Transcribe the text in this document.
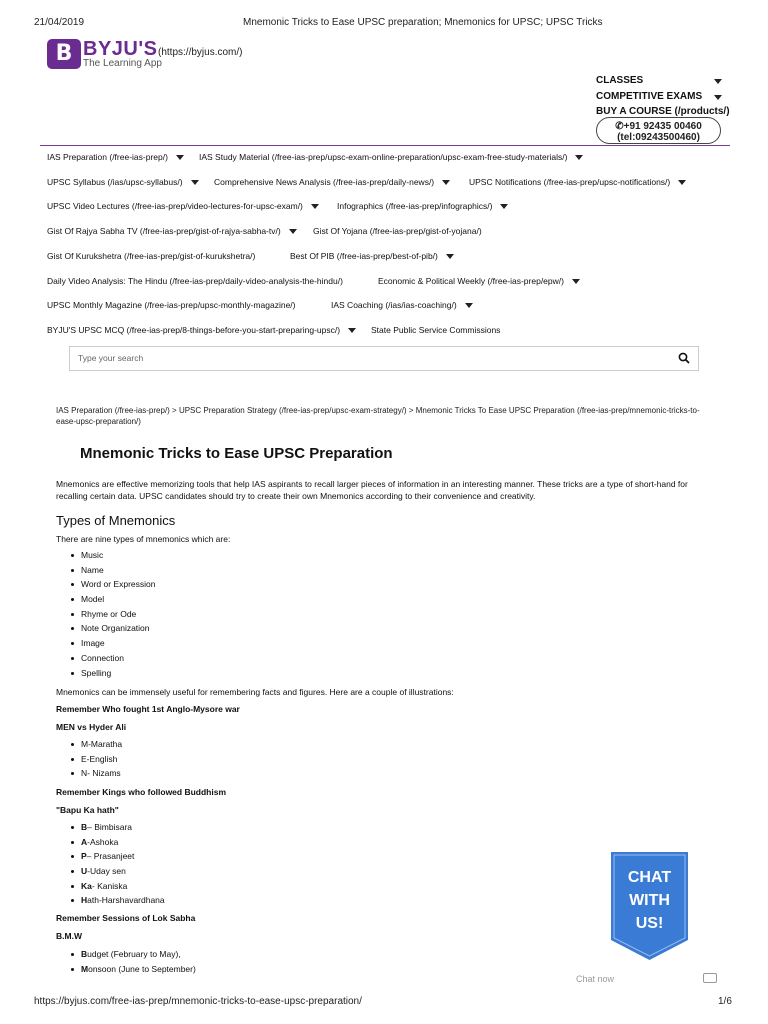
21/04/2019	Mnemonic Tricks to Ease UPSC preparation; Mnemonics for UPSC; UPSC Tricks
B BYJU'S (https://byjus.com/)
The Learning App
CLASSES
COMPETITIVE EXAMS
BUY A COURSE (/products/)
✆+91 92435 00460
(tel:09243500460)
IAS Preparation (/free-ias-prep/)	IAS Study Material (/free-ias-prep/upsc-exam-online-preparation/upsc-exam-free-study-materials/)
UPSC Syllabus (/ias/upsc-syllabus/)	Comprehensive News Analysis (/free-ias-prep/daily-news/)	UPSC Notifications (/free-ias-prep/upsc-notifications/)
UPSC Video Lectures (/free-ias-prep/video-lectures-for-upsc-exam/)	Infographics (/free-ias-prep/infographics/)
Gist Of Rajya Sabha TV (/free-ias-prep/gist-of-rajya-sabha-tv/)	Gist Of Yojana (/free-ias-prep/gist-of-yojana/)
Gist Of Kurukshetra (/free-ias-prep/gist-of-kurukshetra/)	Best Of PIB (/free-ias-prep/best-of-pib/)
Daily Video Analysis: The Hindu (/free-ias-prep/daily-video-analysis-the-hindu/)	Economic & Political Weekly (/free-ias-prep/epw/)
UPSC Monthly Magazine (/free-ias-prep/upsc-monthly-magazine/)	IAS Coaching (/ias/ias-coaching/)
BYJU'S UPSC MCQ (/free-ias-prep/8-things-before-you-start-preparing-upsc/)	State Public Service Commissions
Type your search
IAS Preparation (/free-ias-prep/) > UPSC Preparation Strategy (/free-ias-prep/upsc-exam-strategy/) > Mnemonic Tricks To Ease UPSC Preparation (/free-ias-prep/mnemonic-tricks-to-ease-upsc-preparation/)
Mnemonic Tricks to Ease UPSC Preparation
Mnemonics are effective memorizing tools that help IAS aspirants to recall larger pieces of information in an interesting manner. These tricks are a type of short-hand for recalling certain data. UPSC candidates should try to create their own Mnemonics according to their convenience and creativity.
Types of Mnemonics
There are nine types of mnemonics which are:
Music
Name
Word or Expression
Model
Rhyme or Ode
Note Organization
Image
Connection
Spelling
Mnemonics can be immensely useful for remembering facts and figures. Here are a couple of illustrations:
Remember Who fought 1st Anglo-Mysore war
MEN vs Hyder Ali
M-Maratha
E-English
N- Nizams
Remember Kings who followed Buddhism
"Bapu Ka hath"
B– Bimbisara
A-Ashoka
P– Prasanjeet
U-Uday sen
Ka- Kaniska
Hath-Harshavardhana
Remember Sessions of Lok Sabha
B.M.W
Budget (February to May),
Monsoon (June to September)
CHAT
WITH
US!
Chat now
https://byjus.com/free-ias-prep/mnemonic-tricks-to-ease-upsc-preparation/	1/6
